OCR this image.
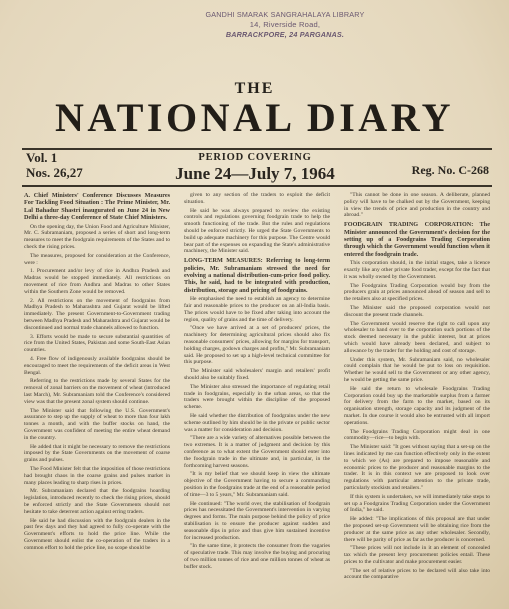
GANDHI SMARAK SANGRAHALAYA LIBRARY
14, Riverside Road,
BARRACKPORE, 24 PARGANAS.
THE
NATIONAL DIARY
Vol. 1
Nos. 26,27
PERIOD COVERING
June 24—July 7, 1964	Reg. No. C-268

A. Chief Ministers' Conference Discusses Measures For Tackling Food Situation : The Prime Minister, Mr. Lal Bahadur Shastri inaugurated on June 24 in New Delhi a three-day Conference of State Chief Ministers.

On the opening day, the Union Food and Agriculture Minister, Mr. C. Subramaniam, proposed a series of short and long-term measures to meet the foodgrain requirements of the States and to check the rising prices.

The measures, proposed for consideration at the Conference, were :

1. Procurement and/or levy of rice in Andhra Pradesh and Madras would be stopped immediately. All restrictions on movement of rice from Andhra and Madras to other States within the Southern Zone would be removed.

2. All restrictions on the movement of foodgrains from Madhya Pradesh to Maharashtra and Gujarat would be lifted immediately. The present Government-to-Government trading between Madhya Pradesh and Maharashtra and Gujarat would be discontinued and normal trade channels allowed to function.

3. Efforts would be made to secure substantial quantities of rice from the United States, Pakistan and some South-East Asian countries.

4. Free flow of indigenously available foodgrains should be encouraged to meet the requirements of the deficit areas in West Bengal.

Referring to the restrictions made by several States for the removal of zonal barriers on the movement of wheat (introduced last March), Mr. Subramaniam told the Conference's considered view was that the present zonal system should continue.

The Minister said that following the U.S. Government's assurance to step up the supply of wheat to more than four lakh tonnes a month, and with the buffer stocks on hand, the Government was confident of meeting the entire wheat demand in the country.

He added that it might be necessary to remove the restrictions imposed by the State Governments on the movement of coarse grains and pulses.

The Food Minister felt that the imposition of those restrictions had brought chaos in the coarse grains and pulses market in many places leading to sharp rises in prices.

Mr. Subramaniam declared that the foodgrains hoarding legislation, introduced recently to check the rising prices, should be enforced strictly and the State Governments should not hesitate to take deterrent action against erring traders.

He said he had discussion with the foodgrain dealers in the past few days and they had agreed to fully co-operate with the Government's efforts to hold the price line. While the Government should enlist the co-operation of the traders in a common effort to hold the price line, no scope should be

given to any section of the traders to exploit the deficit situation.

He said he was always prepared to review the existing controls and regulations governing foodgrain trade to help the smooth functioning of the trade. But the rules and regulations should be enforced strictly. He urged the State Governments to build up adequate machinery for this purpose. The Centre would bear part of the expenses on expanding the State's administrative machinery, the Minister said.

LONG-TERM MEASURES: Referring to long-term policies, Mr. Subramaniam stressed the need for evolving a national distribution-cum-price food policy. This, he said, had to be integrated with production, distribution, storage and pricing of foodgrains.

He emphasised the need to establish an agency to determine fair and reasonable prices to the producer on an all-India basis. The prices would have to be fixed after taking into account the region, quality of grains and the time of delivery.

"Once we have arrived at a set of producers' prices, the machinery for determining agricultural prices should also fix reasonable consumers' prices, allowing for margins for transport, holding charges, godown charges and profits," Mr. Subramaniam said. He proposed to set up a high-level technical committee for this purpose.

The Minister said wholesalers' margin and retailers' profit should also be suitably fixed.

The Minister also stressed the importance of regulating retail trade in foodgrains, especially in the urban areas, so that the traders were brought within the discipline of the proposed scheme.

He said whether the distribution of foodgrains under the new scheme outlined by him should be in the private or public sector was a matter for consideration and decision.

"There are a wide variety of alternatives possible between the two extremes. It is a matter of judgment and decision by this conference as to what extent the Government should enter into the foodgrain trade in the ultimate and, in particular, in the forthcoming harvest seasons.

"It is my belief that we should keep in view the ultimate objective of the Government having to secure a commanding position in the foodgrains trade at the end of a reasonable period of time—3 to 5 years," Mr. Subramaniam said.

He continued: "The world over, the stabilisation of foodgrain prices has necessitated the Government's intervention in varying degrees and forms. The main purpose behind the policy of price stabilisation is to ensure the producer against sudden and seasonable dips in price and thus give him sustained incentive for increased production.

"In the same time, it protects the consumer from the vagaries of speculative trade. This may involve the buying and procuring of two million tonnes of rice and one million tonnes of wheat as buffer stock.

"This cannot be done in one season. A deliberate, planned policy will have to be chalked out by the Government, keeping in view the trends of price and production in the country and abroad."

FOODGRAIN TRADING CORPORATION: The Minister announced the Government's decision for the setting up of a Foodgrains Trading Corporation through which the Government would function when it entered the foodgrain trade.

This corporation should, in the initial stages, take a licence exactly like any other private food trader, except for the fact that it was wholly owned by the Government.

The Foodgrains Trading Corporation would buy from the producers grain at prices announced ahead of season and sell to the retailers also at specified prices.

The Minister said the proposed corporation would not discount the present trade channels.

The Government would reserve the right to call upon any wholesaler to hand over to the corporation such portions of the stock deemed necessary in the public interest, but at prices which would have already been declared, and subject to allowance by the trader for the holding and cost of storage.

Under this system, Mr. Subramaniam said, no wholesaler could complain that he would be put to loss on requisition. Whether he would sell to the Government or any other agency, he would be getting the same price.

He said the return to wholesale Foodgrains Trading Corporation could buy up the marketable surplus from a farmer for delivery from the farm to the market, based on its organisation strength, storage capacity and its judgment of the market. In due course it would also be entrusted with all import operations.

The Foodgrains Trading Corporation might deal in one commodity—rice—to begin with.

The Minister said: "It goes without saying that a set-up on the lines indicated by me can function effectively only in the extent to which we (As) are prepared to impose reasonable and economic prices to the producer and reasonable margins to the trader. It is in this context we are proposed to look over regulations with particular attention to the private trade, particularly stockists and retailers."

If this system is undertaken, we will immediately take steps to set up a Foodgrains Trading Corporation under the Government of India," he said.

He added: "The implications of this proposal are that under the proposed set-up Government will be obtaining rice from the producer at the same price as any other wholesaler. Secondly, there will be parity of price as far as the producer is concerned.

"These prices will not include in it an element of concealed tax which the present levy procurement policies entail. These prices to the cultivator and make procurement easier.

"The set of relative prices to be declared will also take into account the comparative
